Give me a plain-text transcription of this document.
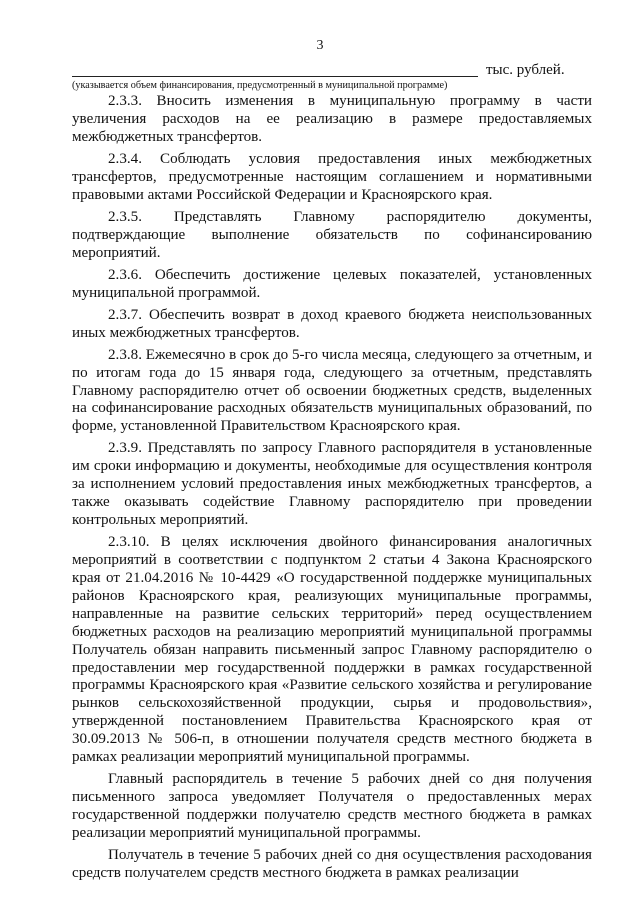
3
тыс. рублей.
(указывается объем финансирования, предусмотренный в муниципальной программе)

2.3.3. Вносить изменения в муниципальную программу в части увеличения расходов на ее реализацию в размере предоставляемых межбюджетных трансфертов.

2.3.4. Соблюдать условия предоставления иных межбюджетных трансфертов, предусмотренные настоящим соглашением и нормативными правовыми актами Российской Федерации и Красноярского края.

2.3.5. Представлять Главному распорядителю документы, подтверждающие выполнение обязательств по софинансированию мероприятий.

2.3.6. Обеспечить достижение целевых показателей, установленных муниципальной программой.

2.3.7. Обеспечить возврат в доход краевого бюджета неиспользованных иных межбюджетных трансфертов.

2.3.8. Ежемесячно в срок до 5-го числа месяца, следующего за отчетным, и по итогам года до 15 января года, следующего за отчетным, представлять Главному распорядителю отчет об освоении бюджетных средств, выделенных на софинансирование расходных обязательств муниципальных образований, по форме, установленной Правительством Красноярского края.

2.3.9. Представлять по запросу Главного распорядителя в установленные им сроки информацию и документы, необходимые для осуществления контроля за исполнением условий предоставления иных межбюджетных трансфертов, а также оказывать содействие Главному распорядителю при проведении контрольных мероприятий.

2.3.10. В целях исключения двойного финансирования аналогичных мероприятий в соответствии с подпунктом 2 статьи 4 Закона Красноярского края от 21.04.2016 № 10-4429 «О государственной поддержке муниципальных районов Красноярского края, реализующих муниципальные программы, направленные на развитие сельских территорий» перед осуществлением бюджетных расходов на реализацию мероприятий муниципальной программы Получатель обязан направить письменный запрос Главному распорядителю о предоставлении мер государственной поддержки в рамках государственной программы Красноярского края «Развитие сельского хозяйства и регулирование рынков сельскохозяйственной продукции, сырья и продовольствия», утвержденной постановлением Правительства Красноярского края от 30.09.2013 № 506-п, в отношении получателя средств местного бюджета в рамках реализации мероприятий муниципальной программы.

Главный распорядитель в течение 5 рабочих дней со дня получения письменного запроса уведомляет Получателя о предоставленных мерах государственной поддержки получателю средств местного бюджета в рамках реализации мероприятий муниципальной программы.

Получатель в течение 5 рабочих дней со дня осуществления расходования средств получателем средств местного бюджета в рамках реализации
